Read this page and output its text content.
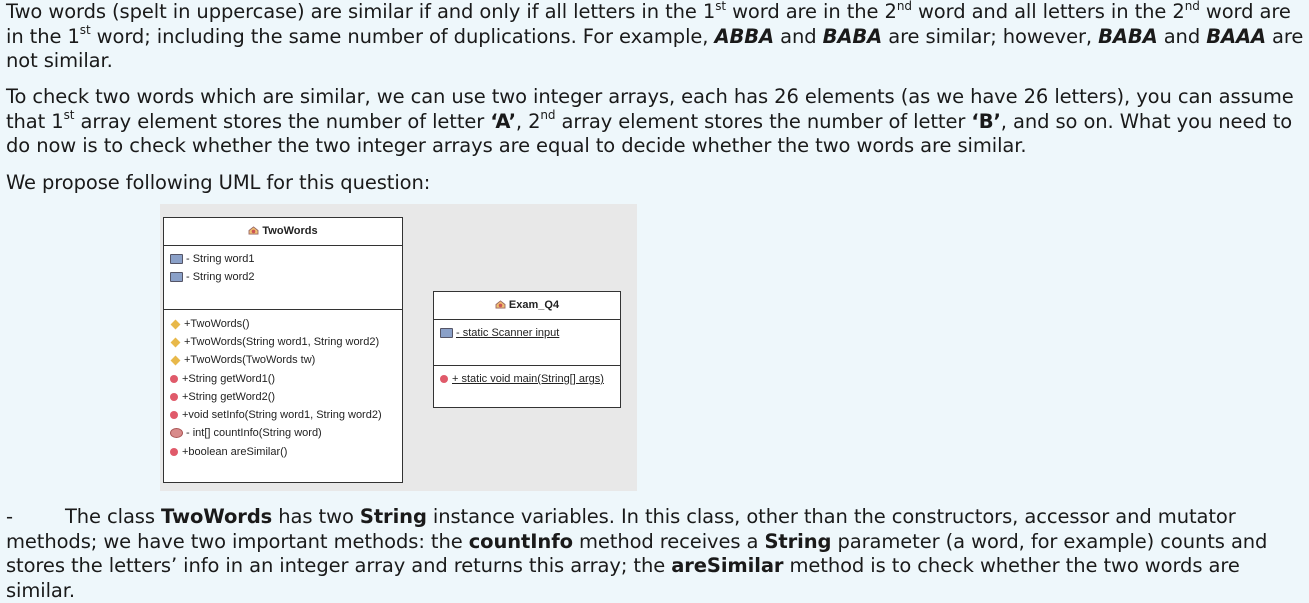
Two words (spelt in uppercase) are similar if and only if all letters in the 1st word are in the 2nd word and all letters in the 2nd word are in the 1st word; including the same number of duplications. For example, ABBA and BABA are similar; however, BABA and BAAA are not similar.

To check two words which are similar, we can use two integer arrays, each has 26 elements (as we have 26 letters), you can assume that 1st array element stores the number of letter ‘A’, 2nd array element stores the number of letter ‘B’, and so on. What you need to do now is to check whether the two integer arrays are equal to decide whether the two words are similar.

We propose following UML for this question:

TwoWords
- String word1
- String word2
+TwoWords()
+TwoWords(String word1, String word2)
+TwoWords(TwoWords tw)
+String getWord1()
+String getWord2()
+void setInfo(String word1, String word2)
- int[] countInfo(String word)
+boolean areSimilar()
Exam_Q4
- static Scanner input
+ static void main(String[] args)

-	The class TwoWords has two String instance variables. In this class, other than the constructors, accessor and mutator methods; we have two important methods: the countInfo method receives a String parameter (a word, for example) counts and stores the letters’ info in an integer array and returns this array; the areSimilar method is to check whether the two words are similar.
